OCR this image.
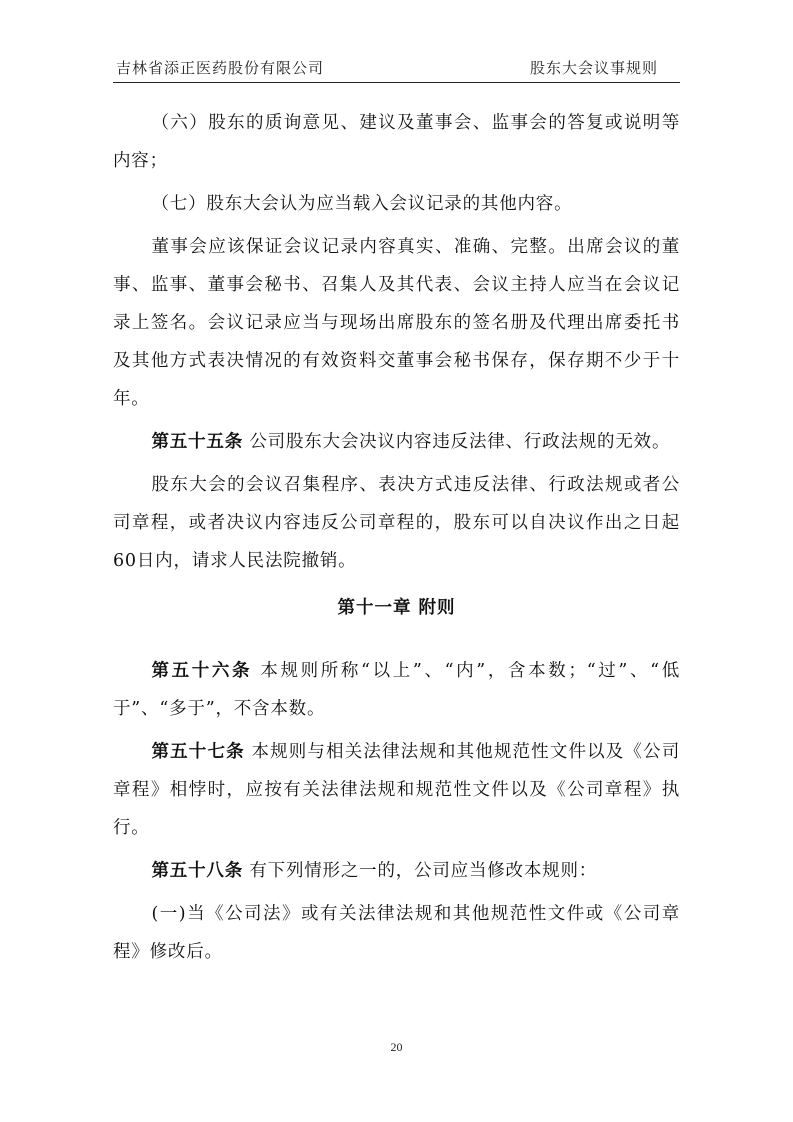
吉林省添正医药股份有限公司	股东大会议事规则

（六）股东的质询意见、建议及董事会、监事会的答复或说明等内容；

（七）股东大会认为应当载入会议记录的其他内容。

董事会应该保证会议记录内容真实、准确、完整。出席会议的董事、监事、董事会秘书、召集人及其代表、会议主持人应当在会议记录上签名。会议记录应当与现场出席股东的签名册及代理出席委托书及其他方式表决情况的有效资料交董事会秘书保存，保存期不少于十年。

第五十五条 公司股东大会决议内容违反法律、行政法规的无效。

股东大会的会议召集程序、表决方式违反法律、行政法规或者公司章程，或者决议内容违反公司章程的，股东可以自决议作出之日起60日内，请求人民法院撤销。

第十一章 附则

第五十六条 本规则所称“以上”、“内”，含本数；“过”、“低于”、“多于”，不含本数。

第五十七条 本规则与相关法律法规和其他规范性文件以及《公司章程》相悖时，应按有关法律法规和规范性文件以及《公司章程》执行。

第五十八条 有下列情形之一的，公司应当修改本规则：

(一)当《公司法》或有关法律法规和其他规范性文件或《公司章程》修改后。

20
